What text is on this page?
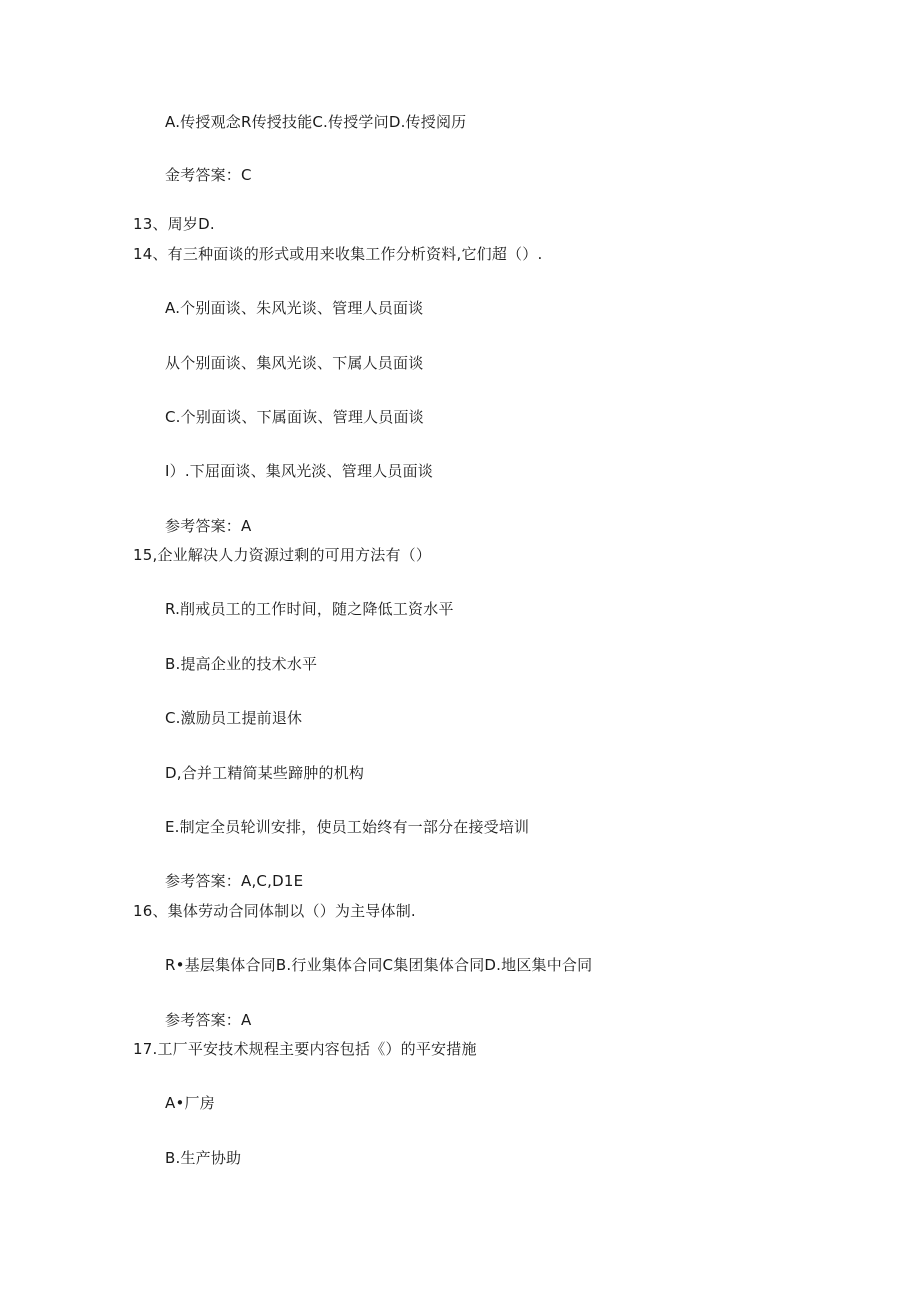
A.传授观念R传授技能C.传授学问D.传授阅历
金考答案：C
13、周岁D.
14、有三种面谈的形式或用来收集工作分析资料,它们超（）.
A.个别面谈、朱风光谈、管理人员面谈
从个别面谈、集风光谈、下属人员面谈
C.个别面谈、下属面诙、管理人员面谈
I）.下屈面谈、集风光淡、管理人员面谈
参考答案：A
15,企业解决人力资源过剩的可用方法有（）
R.削戒员工的工作时间，随之降低工资水平
B.提高企业的技术水平
C.激励员工提前退休
D,合并工精简某些蹄肿的机构
E.制定全员轮训安排，使员工始终有一部分在接受培训
参考答案：A,C,D1E
16、集体劳动合同体制以（）为主导体制.
R•基层集体合同B.行业集体合同C集团集体合同D.地区集中合同
参考答案：A
17.工厂平安技术规程主要内容包括《）的平安措施
A•厂房
B.生产协助
